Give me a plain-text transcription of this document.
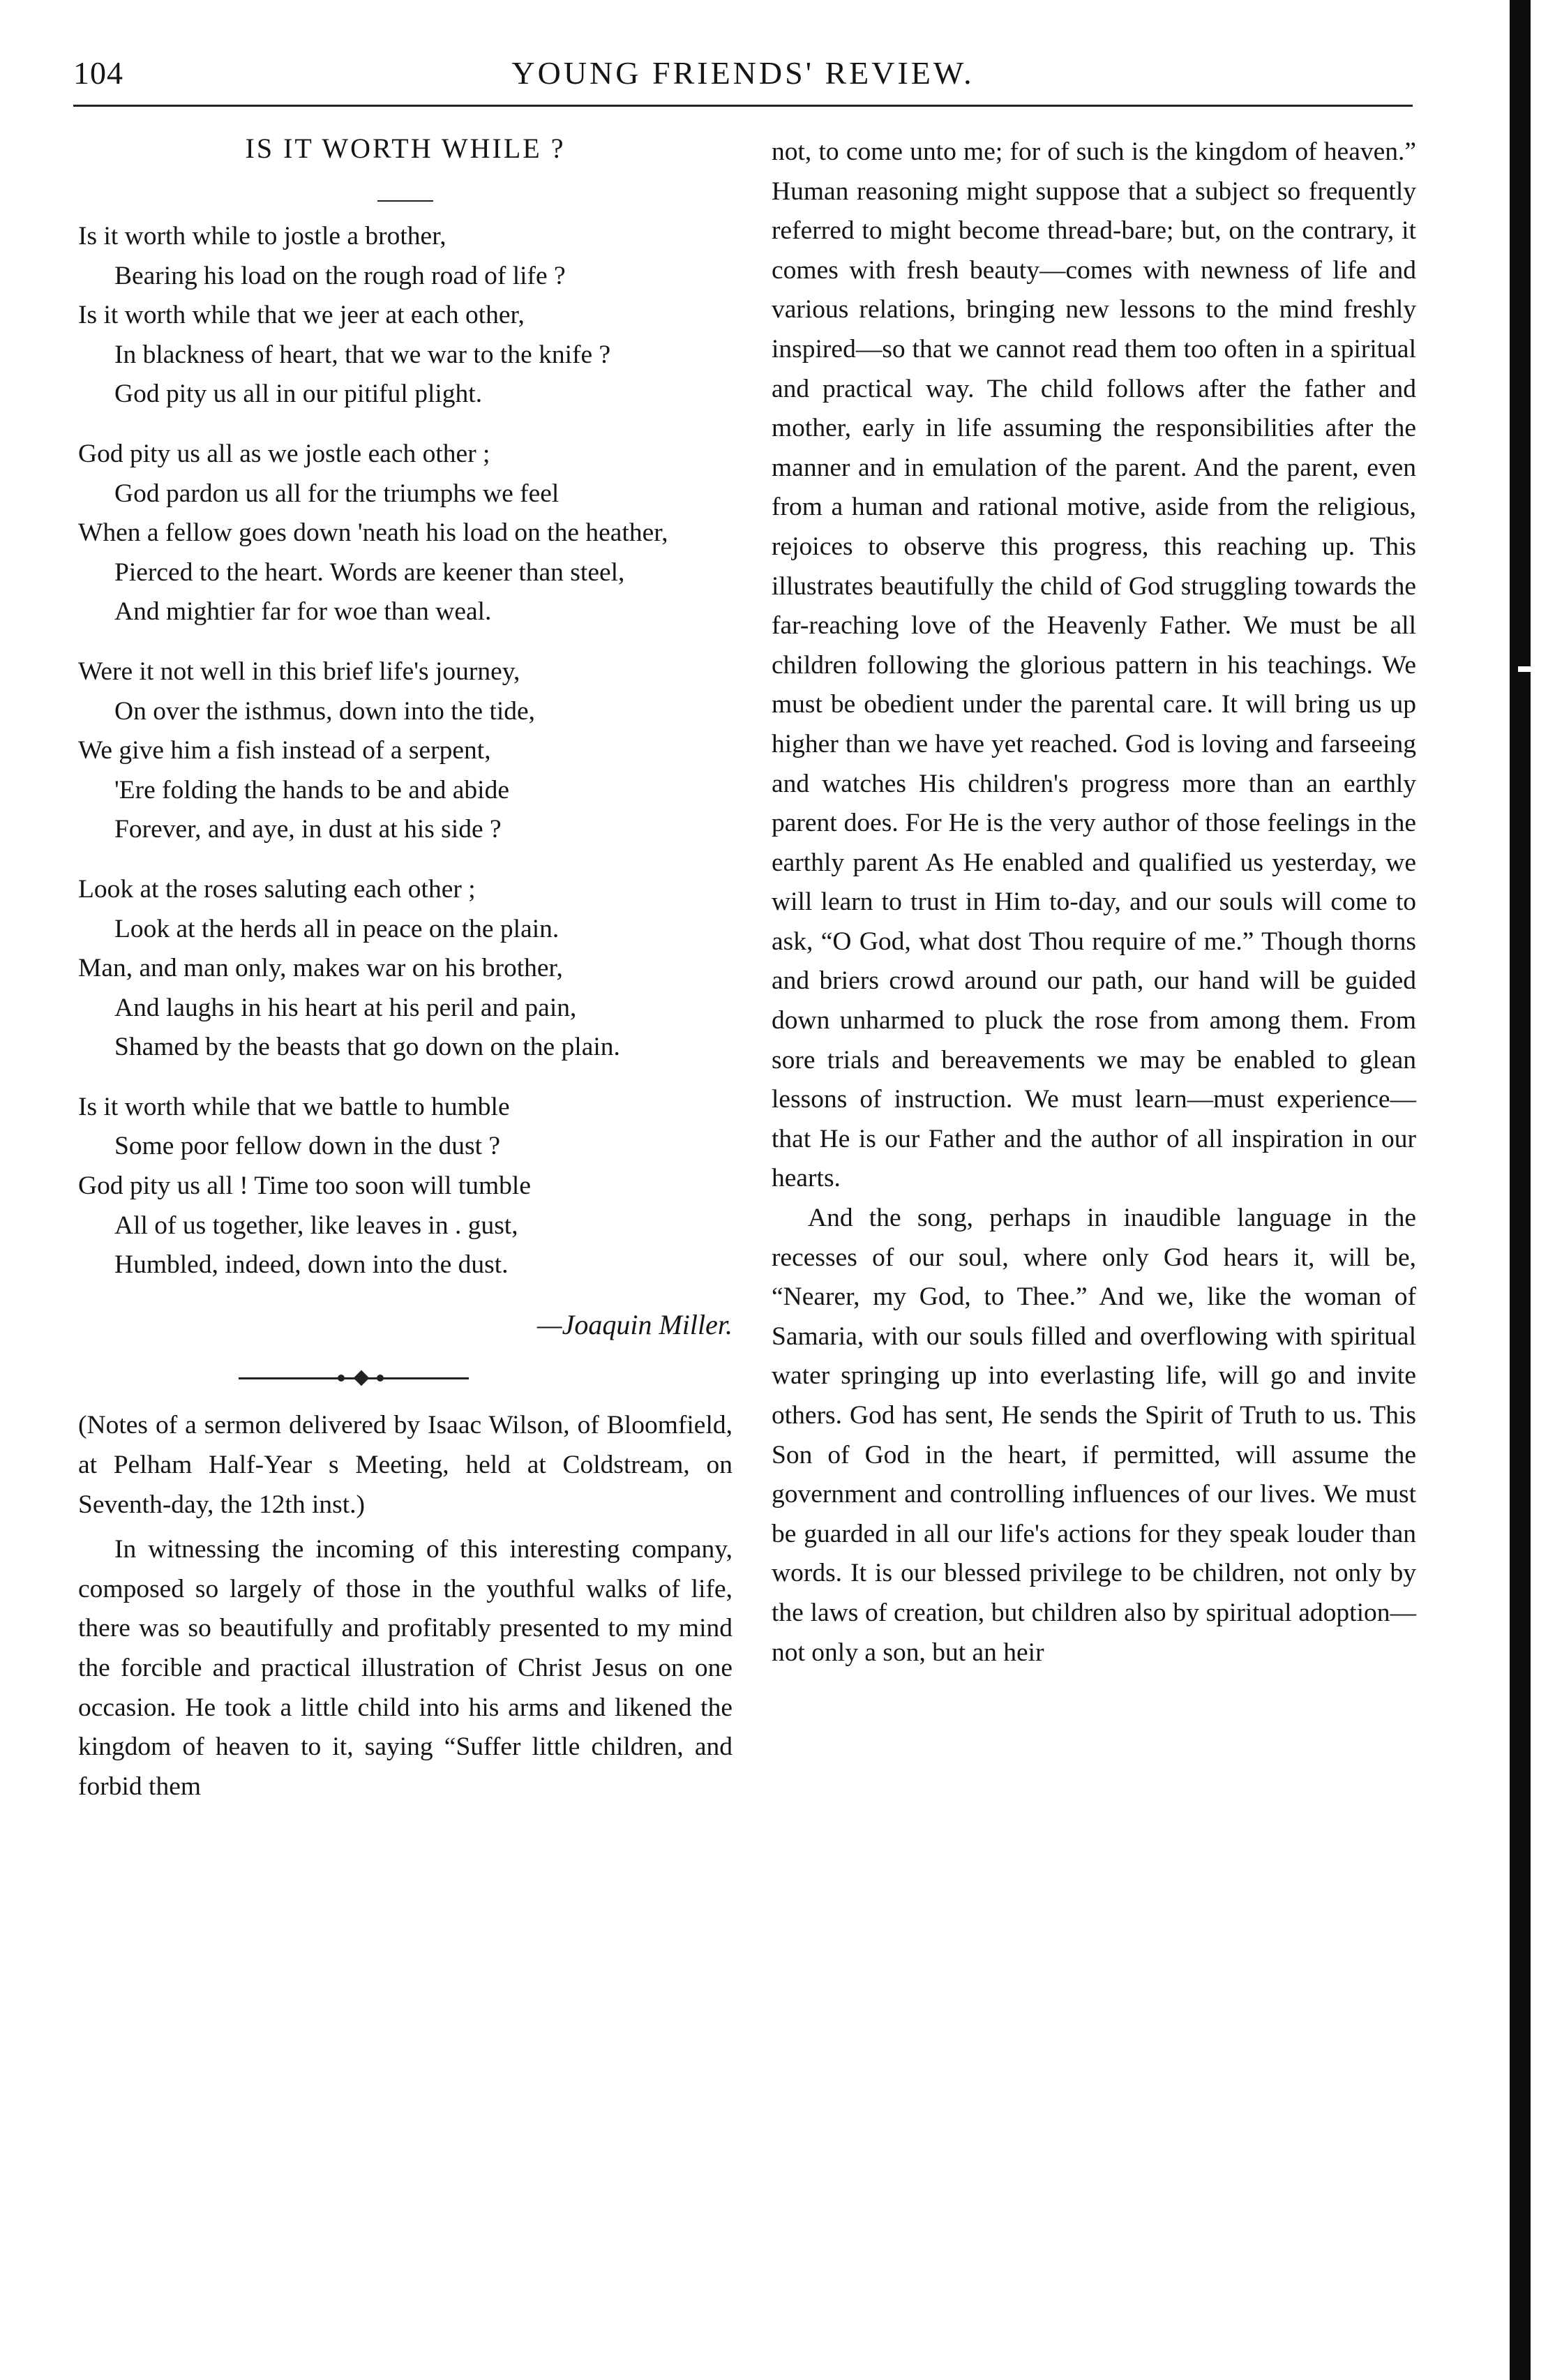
104	YOUNG FRIENDS' REVIEW.
IS IT WORTH WHILE ?
Is it worth while to jostle a brother,
Bearing his load on the rough road of life ?
Is it worth while that we jeer at each other,
In blackness of heart, that we war to the knife ?
God pity us all in our pitiful plight.
God pity us all as we jostle each other ;
God pardon us all for the triumphs we feel
When a fellow goes down 'neath his load on the heather,
Pierced to the heart. Words are keener than steel,
And mightier far for woe than weal.
Were it not well in this brief life's journey,
On over the isthmus, down into the tide,
We give him a fish instead of a serpent,
'Ere folding the hands to be and abide
Forever, and aye, in dust at his side ?
Look at the roses saluting each other ;
Look at the herds all in peace on the plain.
Man, and man only, makes war on his brother,
And laughs in his heart at his peril and pain,
Shamed by the beasts that go down on the plain.
Is it worth while that we battle to humble
Some poor fellow down in the dust ?
God pity us all ! Time too soon will tumble
All of us together, like leaves in . gust,
Humbled, indeed, down into the dust.
—Joaquin Miller.

(Notes of a sermon delivered by Isaac Wilson, of Bloomfield, at Pelham Half-Year s Meeting, held at Coldstream, on Seventh-day, the 12th inst.)

In witnessing the incoming of this interesting company, composed so largely of those in the youthful walks of life, there was so beautifully and profitably presented to my mind the forcible and practical illustration of Christ Jesus on one occasion. He took a little child into his arms and likened the kingdom of heaven to it, saying “Suffer little children, and forbid them

not, to come unto me; for of such is the kingdom of heaven.” Human reasoning might suppose that a subject so frequently referred to might become thread-bare; but, on the contrary, it comes with fresh beauty—comes with newness of life and various relations, bringing new lessons to the mind freshly inspired—so that we cannot read them too often in a spiritual and practical way. The child follows after the father and mother, early in life assuming the responsibilities after the manner and in emulation of the parent. And the parent, even from a human and rational motive, aside from the religious, rejoices to observe this progress, this reaching up. This illustrates beautifully the child of God struggling towards the far-reaching love of the Heavenly Father. We must be all children following the glorious pattern in his teachings. We must be obedient under the parental care. It will bring us up higher than we have yet reached. God is loving and farseeing and watches His children's progress more than an earthly parent does. For He is the very author of those feelings in the earthly parent As He enabled and qualified us yesterday, we will learn to trust in Him to-day, and our souls will come to ask, “O God, what dost Thou require of me.” Though thorns and briers crowd around our path, our hand will be guided down unharmed to pluck the rose from among them. From sore trials and bereavements we may be enabled to glean lessons of instruction. We must learn—must experience—that He is our Father and the author of all inspiration in our hearts.

And the song, perhaps in inaudible language in the recesses of our soul, where only God hears it, will be, “Nearer, my God, to Thee.” And we, like the woman of Samaria, with our souls filled and overflowing with spiritual water springing up into everlasting life, will go and invite others. God has sent, He sends the Spirit of Truth to us. This Son of God in the heart, if permitted, will assume the government and controlling influences of our lives. We must be guarded in all our life's actions for they speak louder than words. It is our blessed privilege to be children, not only by the laws of creation, but children also by spiritual adoption—not only a son, but an heir
